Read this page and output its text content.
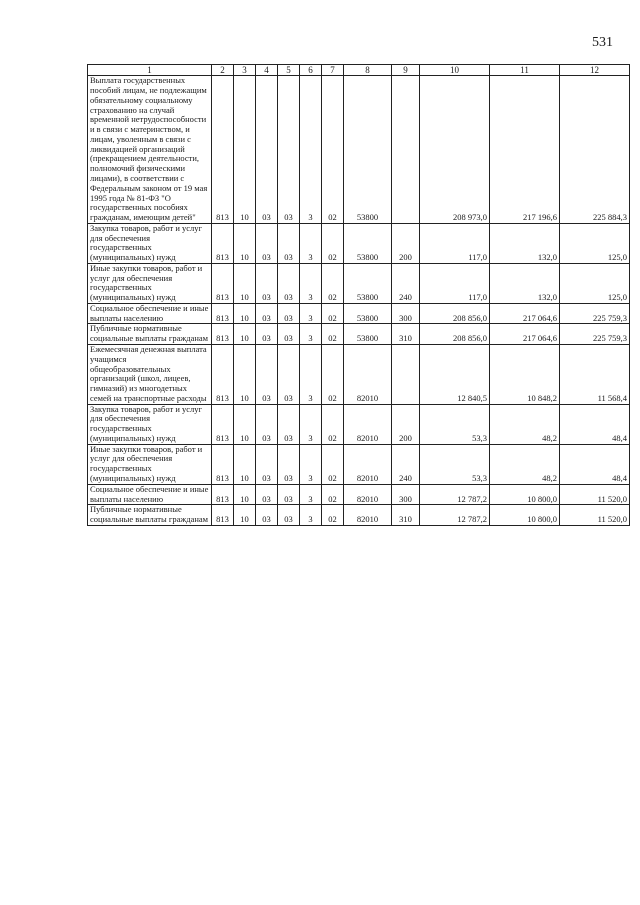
531
1	2	3	4	5	6	7	8	9	10	11	12
Выплата государственных пособий лицам, не подлежащим обязательному социальному страхованию на случай временной нетрудоспособности и в связи с материнством, и лицам, уволенным в связи с ликвидацией организаций (прекращением деятельности, полномочий физическими лицами), в соответствии с Федеральным законом от 19 мая 1995 года № 81-ФЗ "О государственных пособиях гражданам, имеющим детей"	813	10	03	03	3	02	53800		208 973,0	217 196,6	225 884,3
Закупка товаров, работ и услуг для обеспечения государственных (муниципальных) нужд	813	10	03	03	3	02	53800	200	117,0	132,0	125,0
Иные закупки товаров, работ и услуг для обеспечения государственных (муниципальных) нужд	813	10	03	03	3	02	53800	240	117,0	132,0	125,0
Социальное обеспечение и иные выплаты населению	813	10	03	03	3	02	53800	300	208 856,0	217 064,6	225 759,3
Публичные нормативные социальные выплаты гражданам	813	10	03	03	3	02	53800	310	208 856,0	217 064,6	225 759,3
Ежемесячная денежная выплата учащимся общеобразовательных организаций (школ, лицеев, гимназий) из многодетных семей на транспортные расходы	813	10	03	03	3	02	82010		12 840,5	10 848,2	11 568,4
Закупка товаров, работ и услуг для обеспечения государственных (муниципальных) нужд	813	10	03	03	3	02	82010	200	53,3	48,2	48,4
Иные закупки товаров, работ и услуг для обеспечения государственных (муниципальных) нужд	813	10	03	03	3	02	82010	240	53,3	48,2	48,4
Социальное обеспечение и иные выплаты населению	813	10	03	03	3	02	82010	300	12 787,2	10 800,0	11 520,0
Публичные нормативные социальные выплаты гражданам	813	10	03	03	3	02	82010	310	12 787,2	10 800,0	11 520,0
